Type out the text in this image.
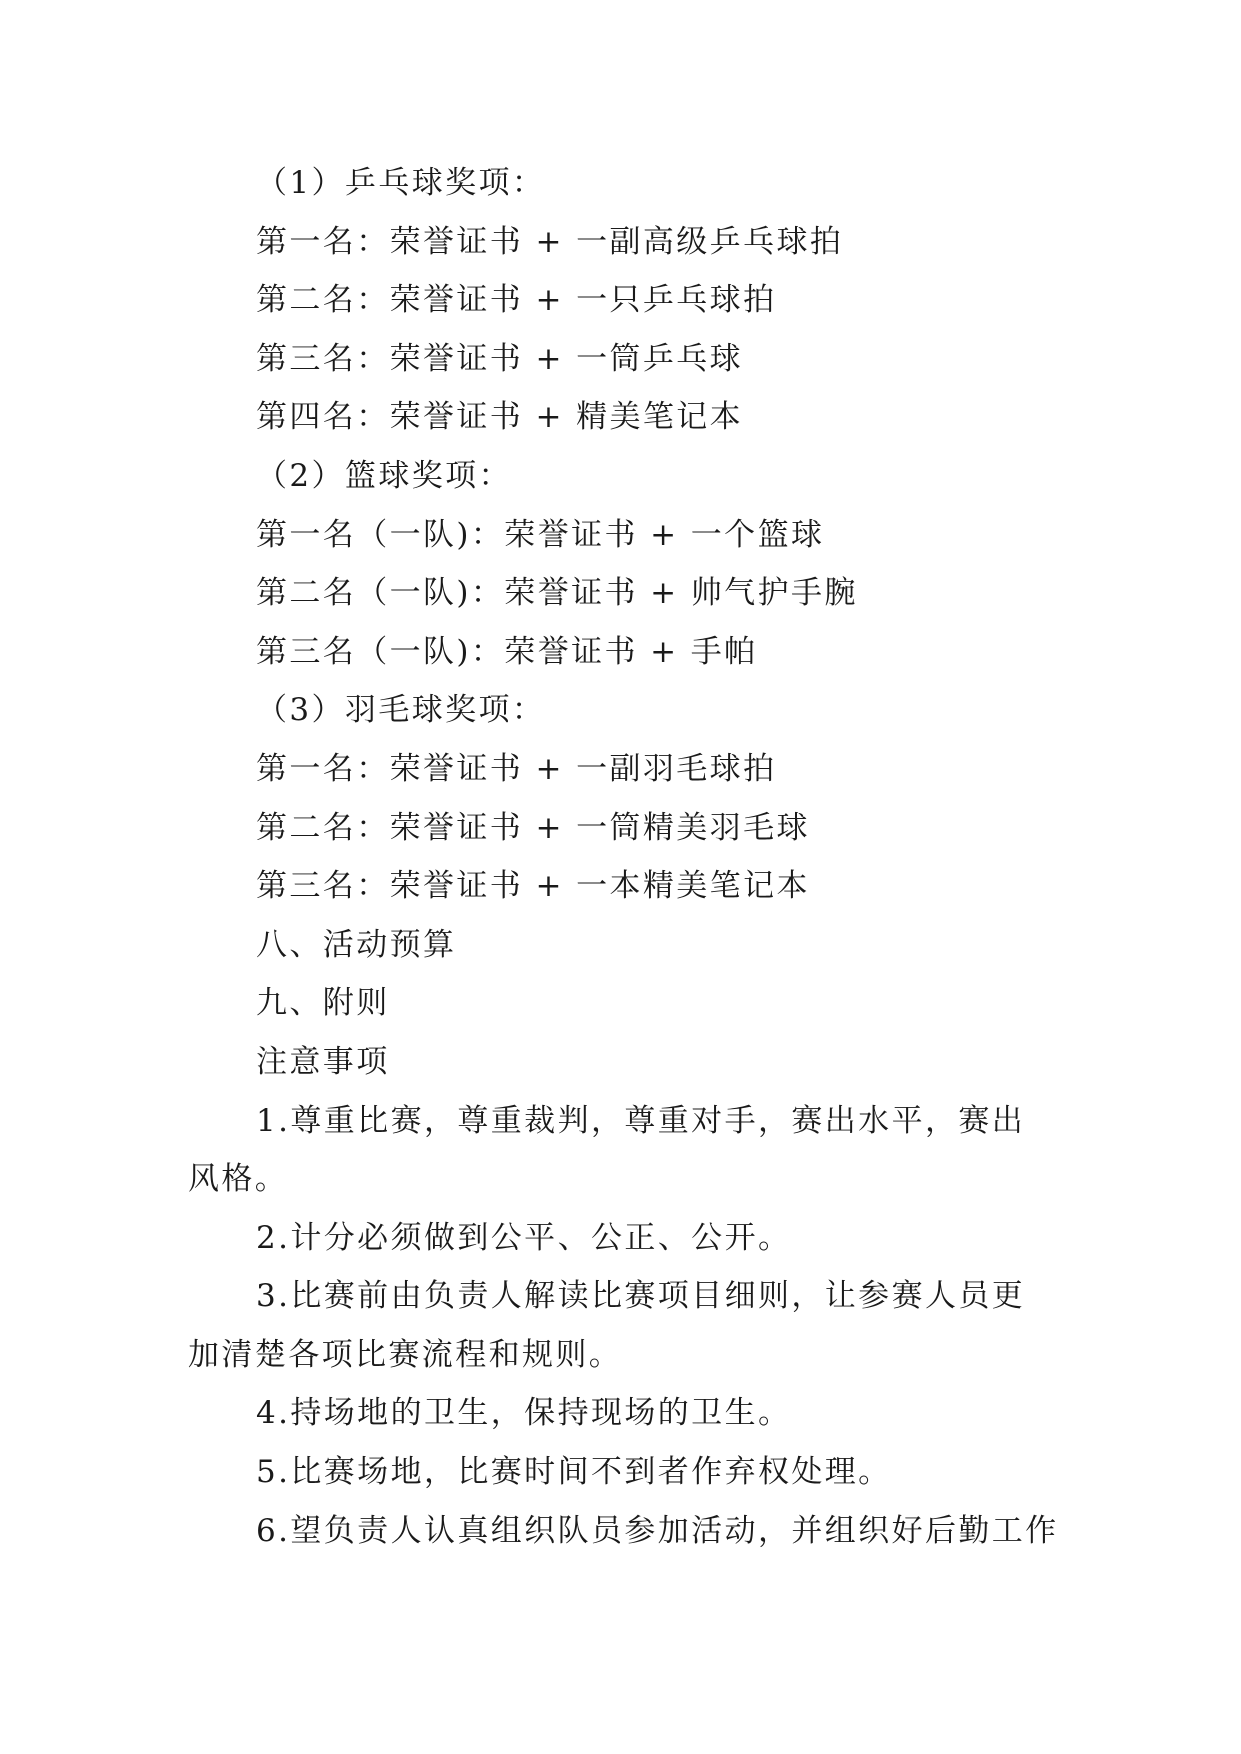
（1）乒乓球奖项：

第一名：荣誉证书 + 一副高级乒乓球拍

第二名：荣誉证书 + 一只乒乓球拍

第三名：荣誉证书 + 一筒乒乓球

第四名：荣誉证书 + 精美笔记本

（2）篮球奖项：

第一名（一队)：荣誉证书 + 一个篮球

第二名（一队)：荣誉证书 + 帅气护手腕

第三名（一队)：荣誉证书 + 手帕

（3）羽毛球奖项：

第一名：荣誉证书 + 一副羽毛球拍

第二名：荣誉证书 + 一筒精美羽毛球

第三名：荣誉证书 + 一本精美笔记本

八、活动预算

九、附则

注意事项

1.尊重比赛，尊重裁判，尊重对手，赛出水平，赛出风格。

2.计分必须做到公平、公正、公开。

3.比赛前由负责人解读比赛项目细则，让参赛人员更加清楚各项比赛流程和规则。

4.持场地的卫生，保持现场的卫生。

5.比赛场地，比赛时间不到者作弃权处理。

6.望负责人认真组织队员参加活动，并组织好后勤工作
